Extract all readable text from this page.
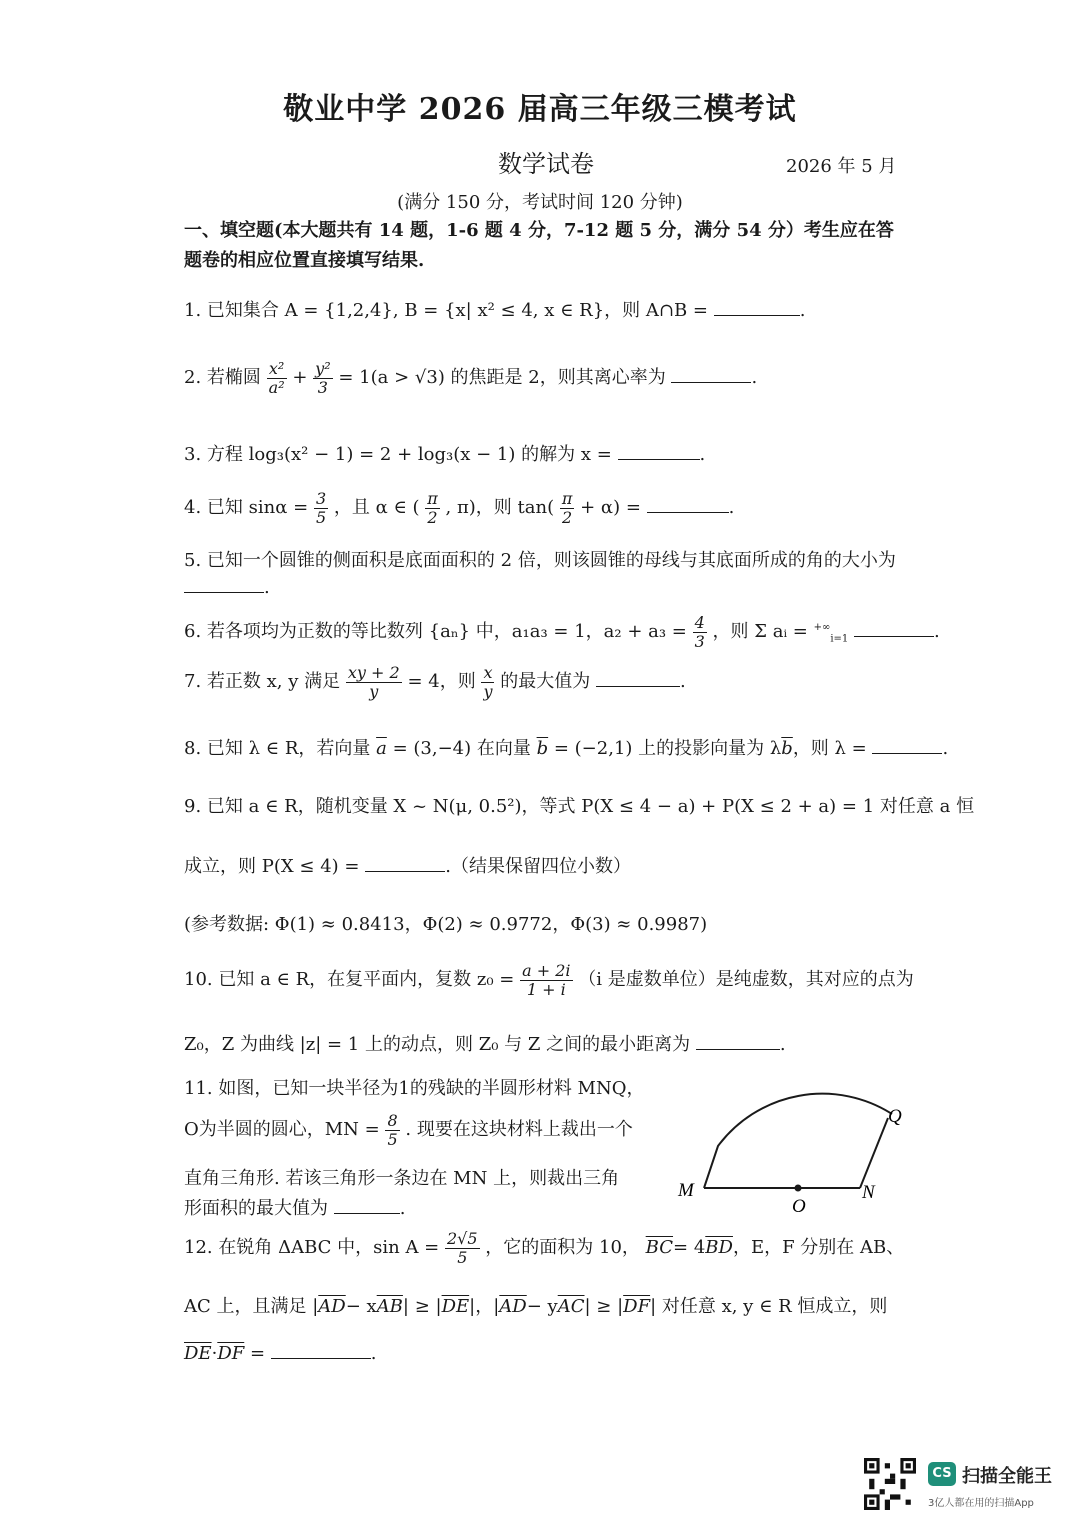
敬业中学 2026 届高三年级三模考试
数学试卷	2026 年 5 月
(满分 150 分，考试时间 120 分钟)
一、填空题(本大题共有 14 题，1-6 题 4 分，7-12 题 5 分，满分 54 分）考生应在答题卷的相应位置直接填写结果.
1. 已知集合 A = {1,2,4}, B = {x| x² ≤ 4, x ∈ R}，则 A∩B =	.
2. 若椭圆 $\frac{\text{x²}}{\text{a²}} + \frac{\text{y²}}{3} = 1(a > √3)$ 的焦距是 2，则其离心率为	.
3. 方程 log₃(x² − 1) = 2 + log₃(x − 1) 的解为 x =	.
4. 已知 $\sin\alpha = \frac{3}{5}$ ，且 α ∈ ( $\frac{\pi}{2}$ , π)，则 $\tan( \frac{\pi}{2} + \alpha)$ =	.
5. 已知一个圆锥的侧面积是底面面积的 2 倍，则该圆锥的母线与其底面所成的角的大小为
.
6. 若各项均为正数的等比数列 {aₙ} 中，a₁a₃ = 1，$a_2 + a_3 = \frac{4}{3}$ ，则 Σ aᵢ = +∞$_{i=1}$	.
7. 若正数 x, y 满足 $\frac{xy + 2}{y} = 4$，则 $\frac{x}{y}$ 的最大值为	.
8. 已知 λ ∈ R，若向量 $\overline{a} = (3,-4)$ 在向量 $\overline{b} = (-2,1)$ 上的投影向量为 $\lambda\overline{b}$，则 λ =	.
9. 已知 a ∈ R，随机变量 X ~ N(μ, 0.5²)，等式 P(X ≤ 4 − a) + P(X ≤ 2 + a) = 1 对任意 a 恒
成立，则 P(X ≤ 4) =	.（结果保留四位小数）
(参考数据: Φ(1) ≈ 0.8413，Φ(2) ≈ 0.9772，Φ(3) ≈ 0.9987)
10. 已知 a ∈ R，在复平面内，复数 $z_0 = \frac{a + 2i}{1 + i} (i$ 是虚数单位）是纯虚数，其对应的点为
Z₀，Z 为曲线 |z| = 1 上的动点，则 Z₀ 与 Z 之间的最小距离为	.
11. 如图，已知一块半径为1的残缺的半圆形材料 MNQ，
O为半圆的圆心，MN = $\frac{8}{5}$ . 现要在这块材料上裁出一个
直角三角形. 若该三角形一条边在 MN 上，则裁出三角
形面积的最大值为	.
M	N
O
Q
12. 在锐角 ΔABC 中，$\sin A = \frac{2√5}{5}$ ，它的面积为 10， $\overline{BC}= 4\overline{BD}$，E，F 分别在 AB、
AC 上，且满足 $|\overline{AD}- x\overline{AB}| \ge |\overline{DE}|$，$|\overline{AD}- y\overline{AC}| \ge |\overline{DF}|$ 对任意 x, y ∈ R 恒成立，则
$\overline{DE}\cdot\overline{DF}$ =	.
CS 扫描全能王
3亿人都在用的扫描App
